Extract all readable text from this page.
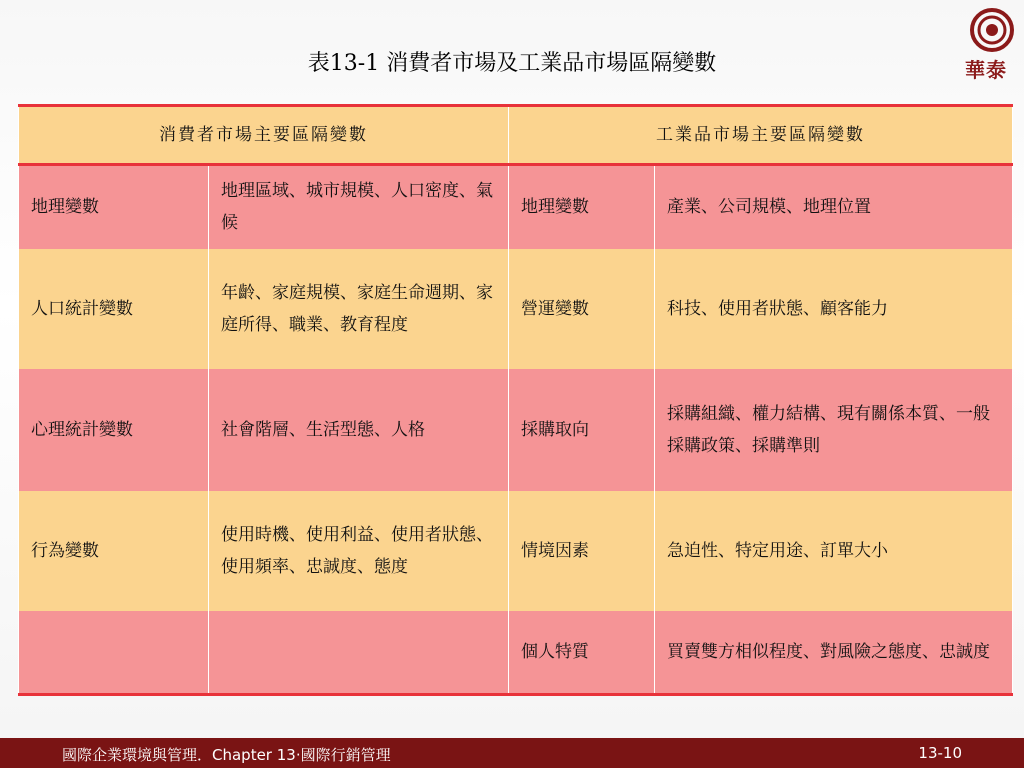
表13-1 消費者市場及工業品市場區隔變數	華泰
消費者市場主要區隔變數		工業品市場主要區隔變數	
地理變數	地理區域、城市規模、人口密度、氣候	地理變數	產業、公司規模、地理位置
人口統計變數	年齡、家庭規模、家庭生命週期、家庭所得、職業、教育程度	營運變數	科技、使用者狀態、顧客能力
心理統計變數	社會階層、生活型態、人格	採購取向	採購組織、權力結構、現有關係本質、一般採購政策、採購準則
行為變數	使用時機、使用利益、使用者狀態、使用頻率、忠誠度、態度	情境因素	急迫性、特定用途、訂單大小
		個人特質	買賣雙方相似程度、對風險之態度、忠誠度
國際企業環境與管理．Chapter 13‧國際行銷管理	13-10
